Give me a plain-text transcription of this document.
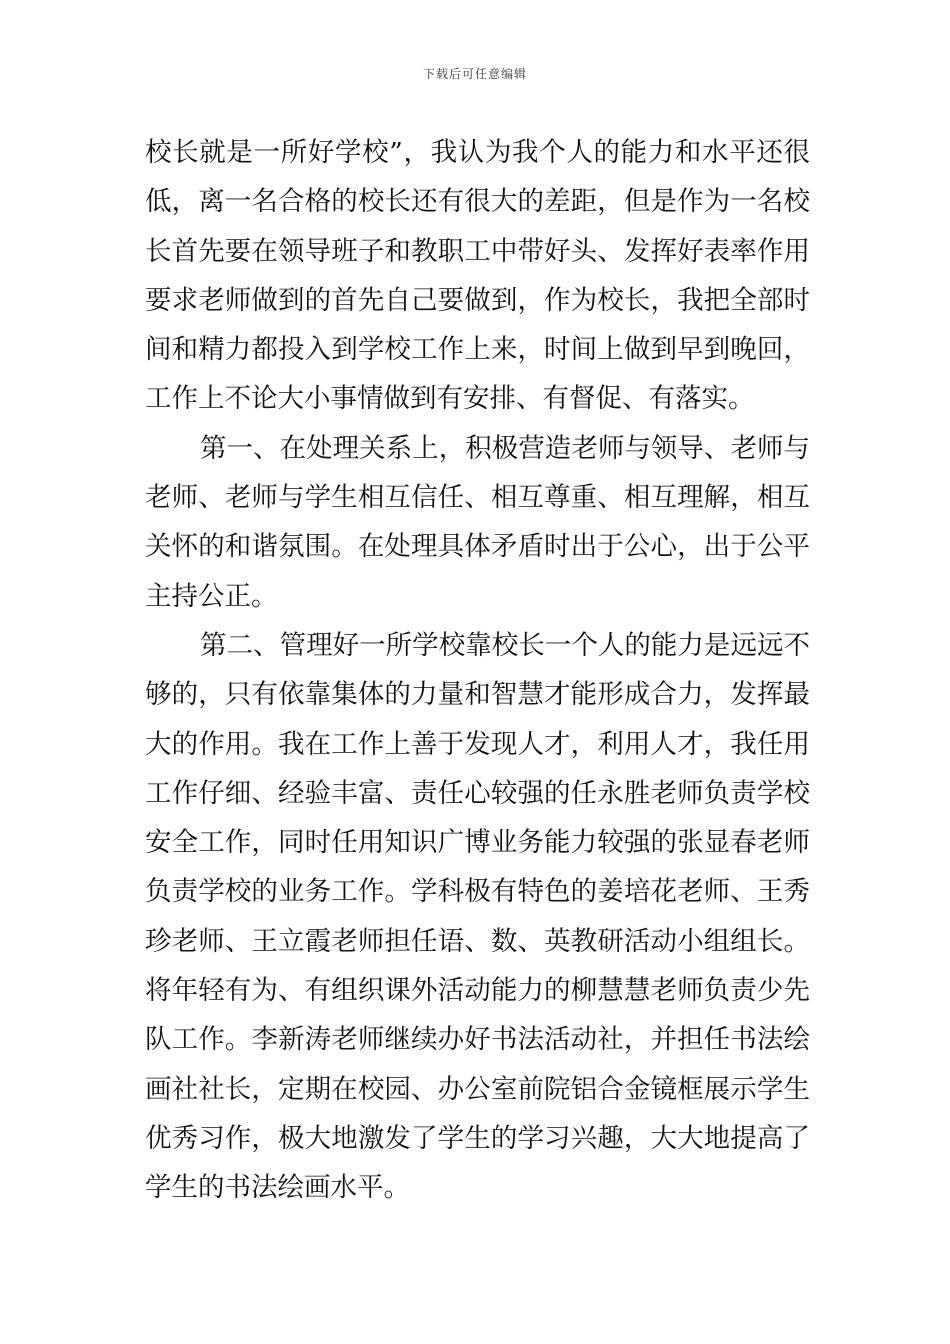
下载后可任意编辑
校长就是一所好学校”，我认为我个人的能力和水平还很
低，离一名合格的校长还有很大的差距，但是作为一名校
长首先要在领导班子和教职工中带好头、发挥好表率作用
要求老师做到的首先自己要做到，作为校长，我把全部时
间和精力都投入到学校工作上来，时间上做到早到晚回，
工作上不论大小事情做到有安排、有督促、有落实。
第一、在处理关系上，积极营造老师与领导、老师与
老师、老师与学生相互信任、相互尊重、相互理解，相互
关怀的和谐氛围。在处理具体矛盾时出于公心，出于公平
主持公正。
第二、管理好一所学校靠校长一个人的能力是远远不
够的，只有依靠集体的力量和智慧才能形成合力，发挥最
大的作用。我在工作上善于发现人才，利用人才，我任用
工作仔细、经验丰富、责任心较强的任永胜老师负责学校
安全工作，同时任用知识广博业务能力较强的张显春老师
负责学校的业务工作。学科极有特色的姜培花老师、王秀
珍老师、王立霞老师担任语、数、英教研活动小组组长。
将年轻有为、有组织课外活动能力的柳慧慧老师负责少先
队工作。李新涛老师继续办好书法活动社，并担任书法绘
画社社长，定期在校园、办公室前院铝合金镜框展示学生
优秀习作，极大地激发了学生的学习兴趣，大大地提高了
学生的书法绘画水平。
